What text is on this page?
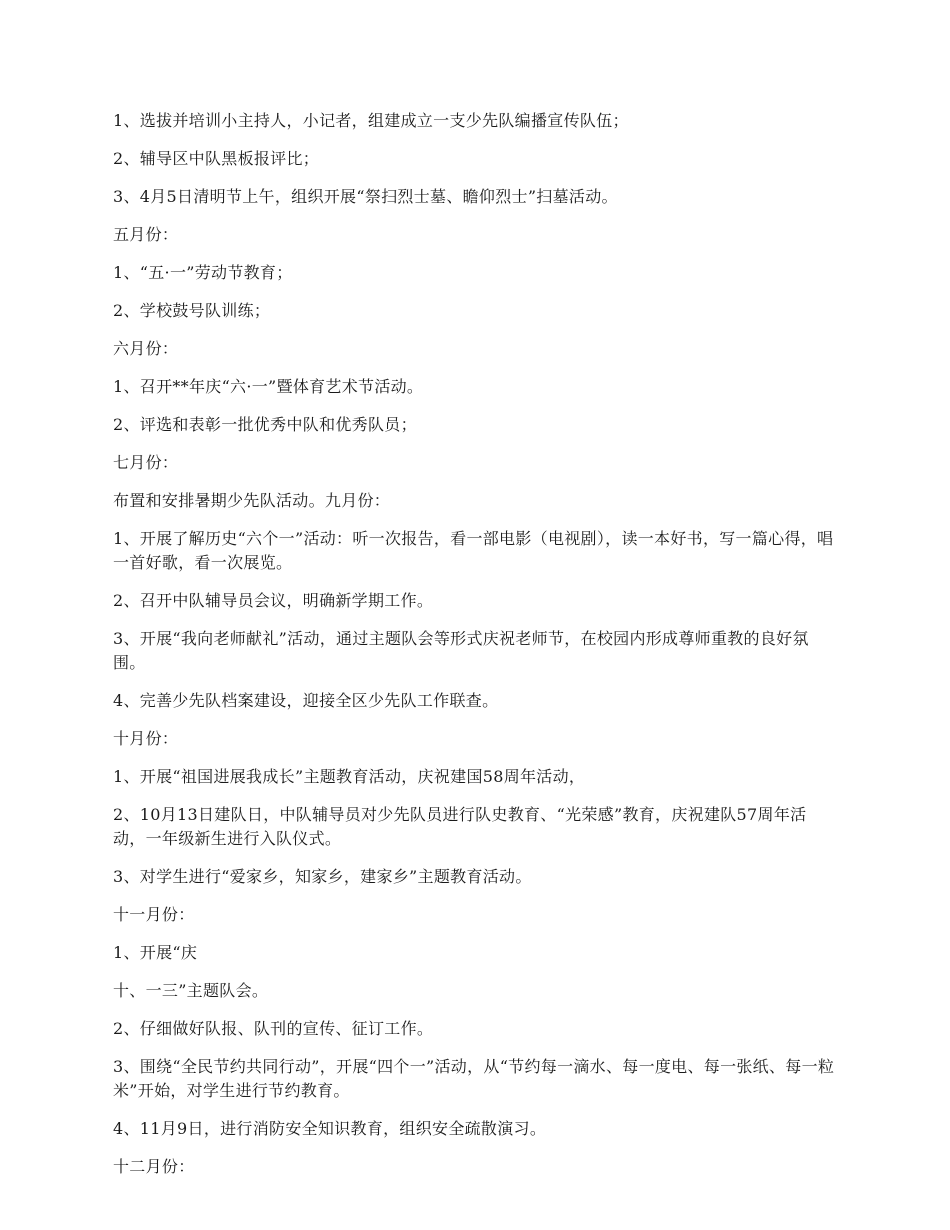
1、选拔并培训小主持人，小记者，组建成立一支少先队编播宣传队伍；

2、辅导区中队黑板报评比；

3、4月5日清明节上午，组织开展“祭扫烈士墓、瞻仰烈士”扫墓活动。

五月份：

1、“五·一”劳动节教育；

2、学校鼓号队训练；

六月份：

1、召开**年庆“六·一”暨体育艺术节活动。

2、评选和表彰一批优秀中队和优秀队员；

七月份：

布置和安排暑期少先队活动。九月份：

1、开展了解历史“六个一”活动：听一次报告，看一部电影（电视剧），读一本好书，写一篇心得，唱一首好歌，看一次展览。

2、召开中队辅导员会议，明确新学期工作。

3、开展“我向老师献礼”活动，通过主题队会等形式庆祝老师节，在校园内形成尊师重教的良好氛围。

4、完善少先队档案建设，迎接全区少先队工作联查。

十月份：

1、开展“祖国进展我成长”主题教育活动，庆祝建国58周年活动，

2、10月13日建队日，中队辅导员对少先队员进行队史教育、“光荣感”教育，庆祝建队57周年活动，一年级新生进行入队仪式。

3、对学生进行“爱家乡，知家乡，建家乡”主题教育活动。

十一月份：

1、开展“庆

十、一三”主题队会。

2、仔细做好队报、队刊的宣传、征订工作。

3、围绕“全民节约共同行动”，开展“四个一”活动，从“节约每一滴水、每一度电、每一张纸、每一粒米”开始，对学生进行节约教育。

4、11月9日，进行消防安全知识教育，组织安全疏散演习。

十二月份：
